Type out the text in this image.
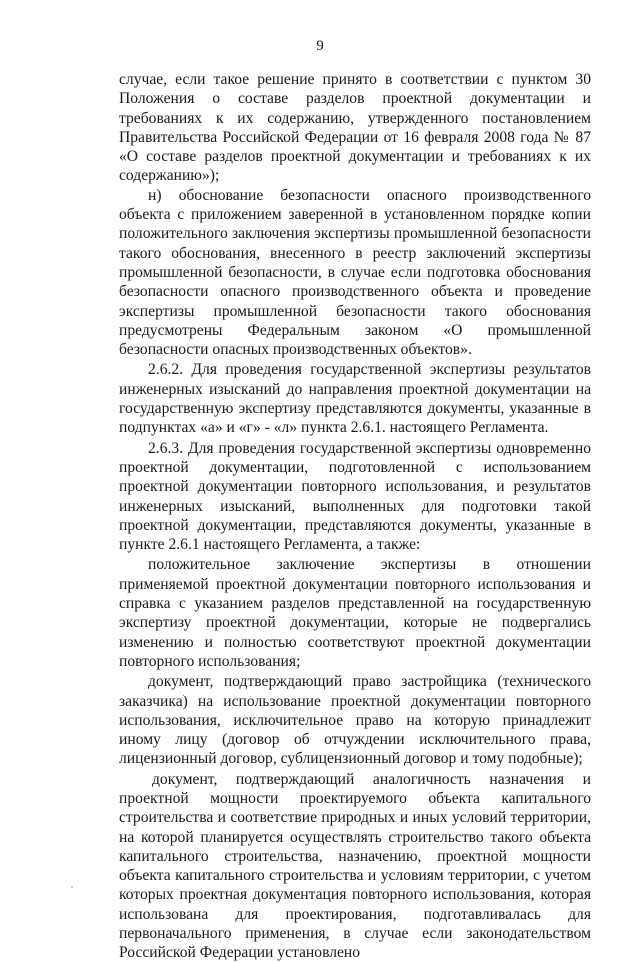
9

случае, если такое решение принято в соответствии с пунктом 30 Положения о составе разделов проектной документации и требованиях к их содержанию, утвержденного постановлением Правительства Российской Федерации от 16 февраля 2008 года № 87 «О составе разделов проектной документации и требованиях к их содержанию»);

н) обоснование безопасности опасного производственного объекта с приложением заверенной в установленном порядке копии положительного заключения экспертизы промышленной безопасности такого обоснования, внесенного в реестр заключений экспертизы промышленной безопасности, в случае если подготовка обоснования безопасности опасного производственного объекта и проведение экспертизы промышленной безопасности такого обоснования предусмотрены Федеральным законом «О промышленной безопасности опасных производственных объектов».

2.6.2. Для проведения государственной экспертизы результатов инженерных изысканий до направления проектной документации на государственную экспертизу представляются документы, указанные в подпунктах «а» и «г» - «л» пункта 2.6.1. настоящего Регламента.

2.6.3. Для проведения государственной экспертизы одновременно проектной документации, подготовленной с использованием проектной документации повторного использования, и результатов инженерных изысканий, выполненных для подготовки такой проектной документации, представляются документы, указанные в пункте 2.6.1 настоящего Регламента, а также:

положительное заключение экспертизы в отношении применяемой проектной документации повторного использования и справка с указанием разделов представленной на государственную экспертизу проектной документации, которые не подвергались изменению и полностью соответствуют проектной документации повторного использования;

документ, подтверждающий право застройщика (технического заказчика) на использование проектной документации повторного использования, исключительное право на которую принадлежит иному лицу (договор об отчуждении исключительного права, лицензионный договор, сублицензионный договор и тому подобные);

документ, подтверждающий аналогичность назначения и проектной мощности проектируемого объекта капитального строительства и соответствие природных и иных условий территории, на которой планируется осуществлять строительство такого объекта капитального строительства, назначению, проектной мощности объекта капитального строительства и условиям территории, с учетом которых проектная документация повторного использования, которая использована для проектирования, подготавливалась для первоначального применения, в случае если законодательством Российской Федерации установлено
